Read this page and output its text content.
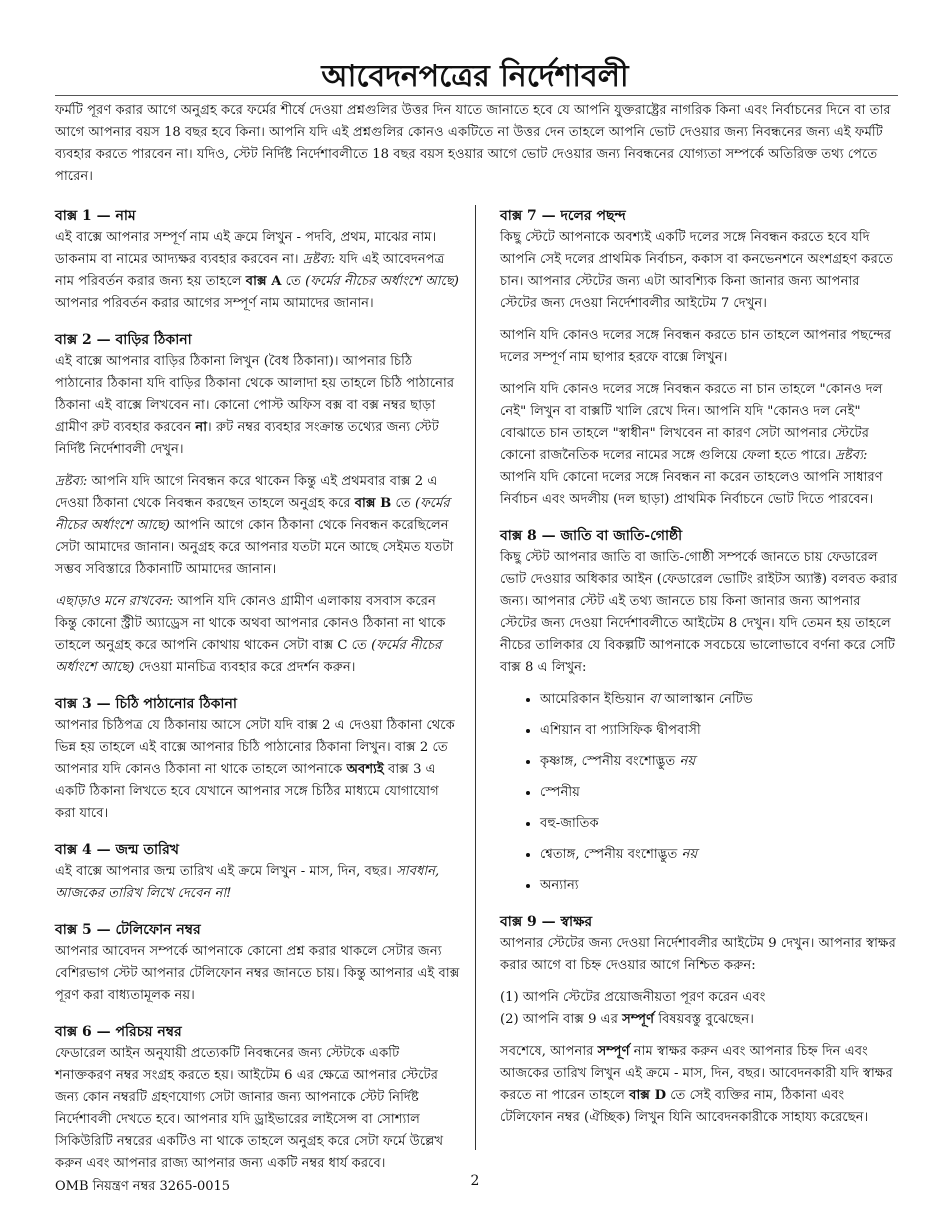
আবেদনপত্রের নির্দেশাবলী
ফর্মটি পূরণ করার আগে অনুগ্রহ করে ফর্মের শীর্ষে দেওয়া প্রশ্নগুলির উত্তর দিন যাতে জানাতে হবে যে আপনি যুক্তরাষ্ট্রের নাগরিক কিনা এবং নির্বাচনের দিনে বা তার আগে আপনার বয়স 18 বছর হবে কিনা। আপনি যদি এই প্রশ্নগুলির কোনও একটিতে না উত্তর দেন তাহলে আপনি ভোট দেওয়ার জন্য নিবন্ধনের জন্য এই ফর্মটি ব্যবহার করতে পারবেন না। যদিও, স্টেট নির্দিষ্ট নির্দেশাবলীতে 18 বছর বয়স হওয়ার আগে ভোট দেওয়ার জন্য নিবন্ধনের যোগ্যতা সম্পর্কে অতিরিক্ত তথ্য পেতে পারেন।
বাক্স 1 — নাম

এই বাক্সে আপনার সম্পূর্ণ নাম এই ক্রমে লিখুন - পদবি, প্রথম, মাঝের নাম। ডাকনাম বা নামের আদ্যক্ষর ব্যবহার করবেন না। দ্রষ্টব্য: যদি এই আবেদনপত্র নাম পরিবর্তন করার জন্য হয় তাহলে বাক্স A তে (ফর্মের নীচের অর্ধাংশে আছে) আপনার পরিবর্তন করার আগের সম্পূর্ণ নাম আমাদের জানান।

বাক্স 2 — বাড়ির ঠিকানা

এই বাক্সে আপনার বাড়ির ঠিকানা লিখুন (বৈধ ঠিকানা)। আপনার চিঠি পাঠানোর ঠিকানা যদি বাড়ির ঠিকানা থেকে আলাদা হয় তাহলে চিঠি পাঠানোর ঠিকানা এই বাক্সে লিখবেন না। কোনো পোস্ট অফিস বক্স বা বক্স নম্বর ছাড়া গ্রামীণ রুট ব্যবহার করবেন না। রুট নম্বর ব্যবহার সংক্রান্ত তথ্যের জন্য স্টেট নির্দিষ্ট নির্দেশাবলী দেখুন।

দ্রষ্টব্য: আপনি যদি আগে নিবন্ধন করে থাকেন কিন্তু এই প্রথমবার বাক্স 2 এ দেওয়া ঠিকানা থেকে নিবন্ধন করছেন তাহলে অনুগ্রহ করে বাক্স B তে (ফর্মের নীচের অর্ধাংশে আছে) আপনি আগে কোন ঠিকানা থেকে নিবন্ধন করেছিলেন সেটা আমাদের জানান। অনুগ্রহ করে আপনার যতটা মনে আছে সেইমত যতটা সম্ভব সবিস্তারে ঠিকানাটি আমাদের জানান।

এছাড়াও মনে রাখবেন: আপনি যদি কোনও গ্রামীণ এলাকায় বসবাস করেন কিন্তু কোনো স্ট্রীট অ্যাড্রেস না থাকে অথবা আপনার কোনও ঠিকানা না থাকে তাহলে অনুগ্রহ করে আপনি কোথায় থাকেন সেটা বাক্স C তে (ফর্মের নীচের অর্ধাংশে আছে) দেওয়া মানচিত্র ব্যবহার করে প্রদর্শন করুন।

বাক্স 3 — চিঠি পাঠানোর ঠিকানা

আপনার চিঠিপত্র যে ঠিকানায় আসে সেটা যদি বাক্স 2 এ দেওয়া ঠিকানা থেকে ভিন্ন হয় তাহলে এই বাক্সে আপনার চিঠি পাঠানোর ঠিকানা লিখুন। বাক্স 2 তে আপনার যদি কোনও ঠিকানা না থাকে তাহলে আপনাকে অবশ্যই বাক্স 3 এ একটি ঠিকানা লিখতে হবে যেখানে আপনার সঙ্গে চিঠির মাধ্যমে যোগাযোগ করা যাবে।

বাক্স 4 — জন্ম তারিখ

এই বাক্সে আপনার জন্ম তারিখ এই ক্রমে লিখুন - মাস, দিন, বছর। সাবধান, আজকের তারিখ লিখে দেবেন না!

বাক্স 5 — টেলিফোন নম্বর

আপনার আবেদন সম্পর্কে আপনাকে কোনো প্রশ্ন করার থাকলে সেটার জন্য বেশিরভাগ স্টেট আপনার টেলিফোন নম্বর জানতে চায়। কিন্তু আপনার এই বাক্স পূরণ করা বাধ্যতামূলক নয়।

বাক্স 6 — পরিচয় নম্বর

ফেডারেল আইন অনুযায়ী প্রত্যেকটি নিবন্ধনের জন্য স্টেটকে একটি শনাক্তকরণ নম্বর সংগ্রহ করতে হয়। আইটেম 6 এর ক্ষেত্রে আপনার স্টেটের জন্য কোন নম্বরটি গ্রহণযোগ্য সেটা জানার জন্য আপনাকে স্টেট নির্দিষ্ট নির্দেশাবলী দেখতে হবে। আপনার যদি ড্রাইভারের লাইসেন্স বা সোশ্যাল সিকিউরিটি নম্বরের একটিও না থাকে তাহলে অনুগ্রহ করে সেটা ফর্মে উল্লেখ করুন এবং আপনার রাজ্য আপনার জন্য একটি নম্বর ধার্য করবে।

বাক্স 7 — দলের পছন্দ

কিছু স্টেটে আপনাকে অবশ্যই একটি দলের সঙ্গে নিবন্ধন করতে হবে যদি আপনি সেই দলের প্রাথমিক নির্বাচন, ককাস বা কনভেনশনে অংশগ্রহণ করতে চান। আপনার স্টেটের জন্য এটা আবশ্যিক কিনা জানার জন্য আপনার স্টেটের জন্য দেওয়া নির্দেশাবলীর আইটেম 7 দেখুন।

আপনি যদি কোনও দলের সঙ্গে নিবন্ধন করতে চান তাহলে আপনার পছন্দের দলের সম্পূর্ণ নাম ছাপার হরফে বাক্সে লিখুন।

আপনি যদি কোনও দলের সঙ্গে নিবন্ধন করতে না চান তাহলে "কোনও দল নেই" লিখুন বা বাক্সটি খালি রেখে দিন। আপনি যদি "কোনও দল নেই" বোঝাতে চান তাহলে "স্বাধীন" লিখবেন না কারণ সেটা আপনার স্টেটের কোনো রাজনৈতিক দলের নামের সঙ্গে গুলিয়ে ফেলা হতে পারে। দ্রষ্টব্য: আপনি যদি কোনো দলের সঙ্গে নিবন্ধন না করেন তাহলেও আপনি সাধারণ নির্বাচন এবং অদলীয় (দল ছাড়া) প্রাথমিক নির্বাচনে ভোট দিতে পারবেন।

বাক্স 8 — জাতি বা জাতি-গোষ্ঠী

কিছু স্টেট আপনার জাতি বা জাতি-গোষ্ঠী সম্পর্কে জানতে চায় ফেডারেল ভোট দেওয়ার অধিকার আইন (ফেডারেল ভোটিং রাইটস অ্যাক্ট) বলবত করার জন্য। আপনার স্টেট এই তথ্য জানতে চায় কিনা জানার জন্য আপনার স্টেটের জন্য দেওয়া নির্দেশাবলীতে আইটেম 8 দেখুন। যদি তেমন হয় তাহলে নীচের তালিকার যে বিকল্পটি আপনাকে সবচেয়ে ভালোভাবে বর্ণনা করে সেটি বাক্স 8 এ লিখুন:

• আমেরিকান ইন্ডিয়ান বা আলাস্কান নেটিভ
• এশিয়ান বা প্যাসিফিক দ্বীপবাসী
• কৃষ্ণাঙ্গ, স্পেনীয় বংশোদ্ভুত নয়
• স্পেনীয়
• বহু-জাতিক
• শ্বেতাঙ্গ, স্পেনীয় বংশোদ্ভুত নয়
• অন্যান্য
বাক্স 9 — স্বাক্ষর

আপনার স্টেটের জন্য দেওয়া নির্দেশাবলীর আইটেম 9 দেখুন। আপনার স্বাক্ষর করার আগে বা চিহ্ন দেওয়ার আগে নিশ্চিত করুন:

(1) আপনি স্টেটের প্রয়োজনীয়তা পূরণ করেন এবং
(2) আপনি বাক্স 9 এর সম্পূর্ণ বিষয়বস্তু বুঝেছেন।

সবশেষে, আপনার সম্পূর্ণ নাম স্বাক্ষর করুন এবং আপনার চিহ্ন দিন এবং আজকের তারিখ লিখুন এই ক্রমে - মাস, দিন, বছর। আবেদনকারী যদি স্বাক্ষর করতে না পারেন তাহলে বাক্স D তে সেই ব্যক্তির নাম, ঠিকানা এবং টেলিফোন নম্বর (ঐচ্ছিক) লিখুন যিনি আবেদনকারীকে সাহায্য করেছেন।

OMB নিয়ন্ত্রণ নম্বর 3265-0015	2
